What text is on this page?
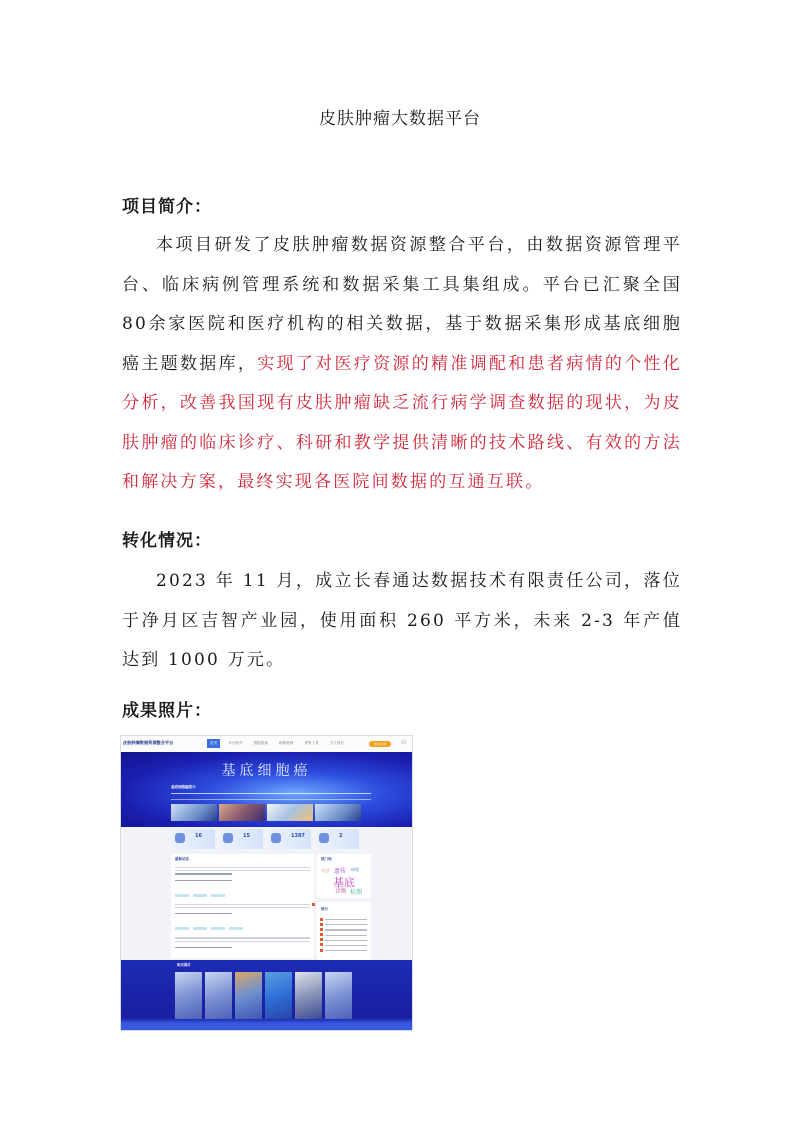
皮肤肿瘤大数据平台
项目简介：
本项目研发了皮肤肿瘤数据资源整合平台，由数据资源管理平台、临床病例管理系统和数据采集工具集组成。平台已汇聚全国80余家医院和医疗机构的相关数据，基于数据采集形成基底细胞癌主题数据库，实现了对医疗资源的精准调配和患者病情的个性化分析，改善我国现有皮肤肿瘤缺乏流行病学调查数据的现状，为皮肤肿瘤的临床诊疗、科研和教学提供清晰的技术路线、有效的方法和解决方案，最终实现各医院间数据的互通互联。
转化情况：
2023 年 11 月，成立长春通达数据技术有限责任公司，落位于净月区吉智产业园，使用面积 260 平方米，未来 2-3 年产值达到 1000 万元。
成果照片：
皮肤肿瘤数据资源整合平台	首页	平台简介	数据资源	病例管理	采集工具	关于我们	登录/注册	⚇
基底细胞癌
基底细胞癌简介
16	15	1387	2
最新动态	热门词
基底
遗传
诊断 检测
化学	病理
排行
相关图片
